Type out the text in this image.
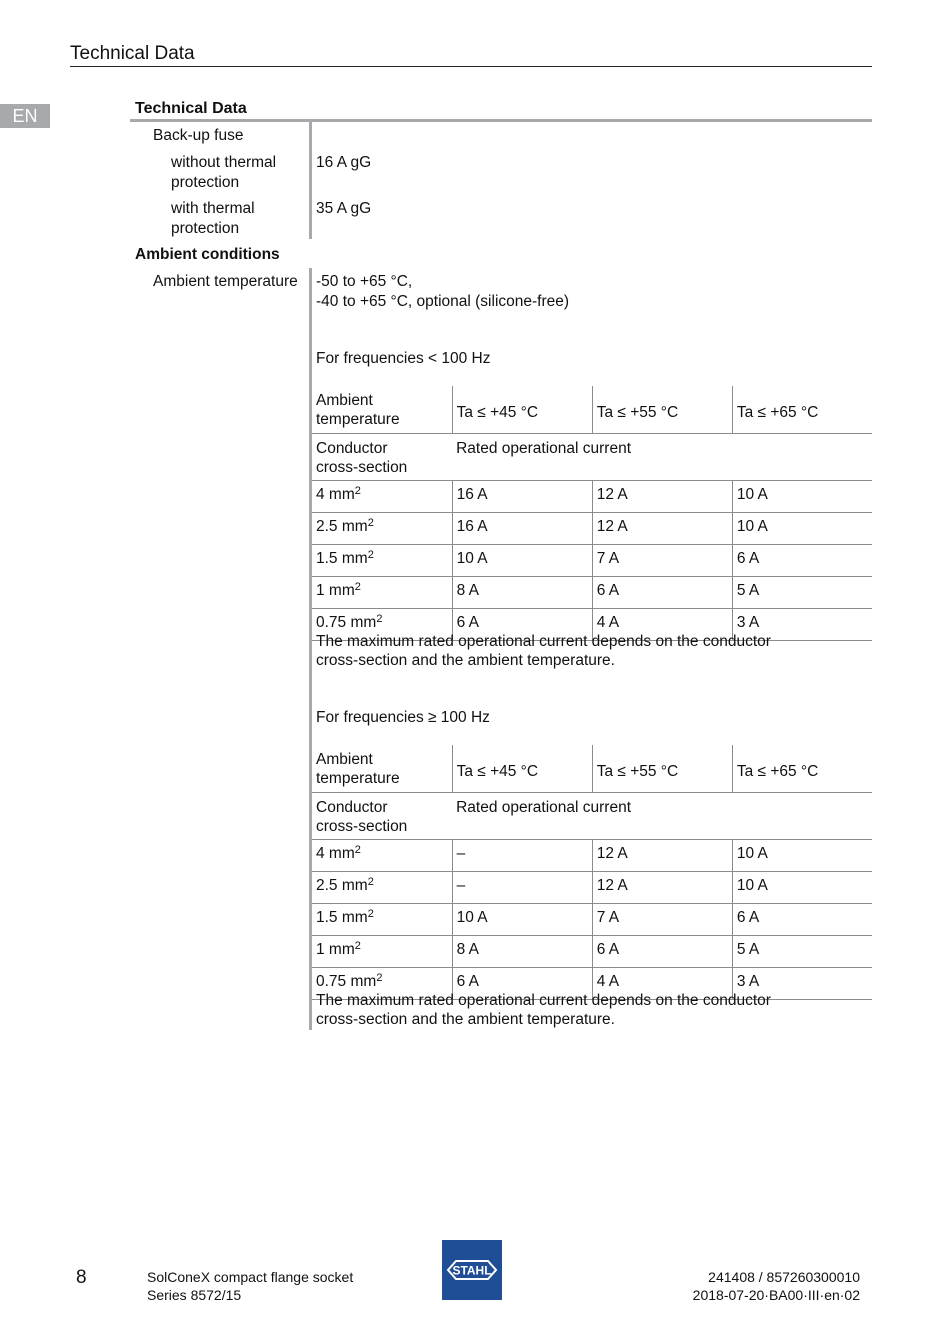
Technical Data
EN	Technical Data
Back-up fuse
without thermal
protection
16 A gG
with thermal
protection
35 A gG
Ambient conditions
Ambient temperature -50 to +65 °C,
-40 to +65 °C, optional (silicone-free)
For frequencies < 100 Hz
Ambient
temperature	Ta ≤ +45 °C	Ta ≤ +55 °C	Ta ≤ +65 °C
Conductor
cross-section	Rated operational current		
4 $mm^2$	16 A	12 A	10 A
2.5 $mm^2$	16 A	12 A	10 A
1.5 $mm^2$	10 A	7 A	6 A
1 $mm^2$	8 A	6 A	5 A
0.75 $mm^2$	6 A	4 A	3 A
The maximum rated operational current depends on the conductor
cross-section and the ambient temperature.
For frequencies ≥ 100 Hz
Ambient
temperature	Ta ≤ +45 °C	Ta ≤ +55 °C	Ta ≤ +65 °C
Conductor
cross-section	Rated operational current		
4 $mm^2$	–	12 A	10 A
2.5 $mm^2$	–	12 A	10 A
1.5 $mm^2$	10 A	7 A	6 A
1 $mm^2$	8 A	6 A	5 A
0.75 $mm^2$	6 A	4 A	3 A
The maximum rated operational current depends on the conductor
cross-section and the ambient temperature.
8	SolConeX compact flange socket
Series 8572/15
STAHL	241408 / 857260300010
2018-07-20·BA00·III·en·02
